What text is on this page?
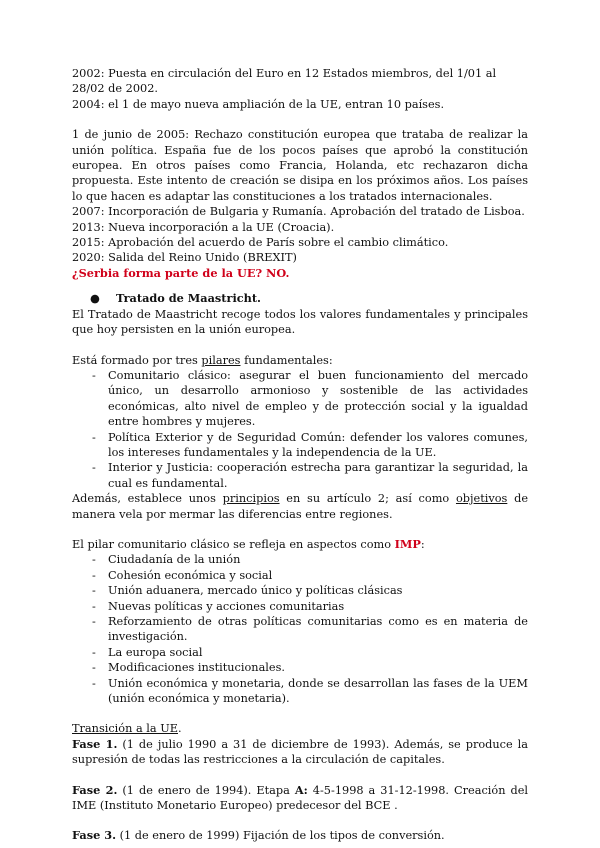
2002: Puesta en circulación del Euro en 12 Estados miembros, del 1/01 al 28/02 de 2002.

2004: el 1 de mayo nueva ampliación de la UE, entran 10 países.

1 de junio de 2005: Rechazo constitución europea que trataba de realizar la unión política. España fue de los pocos países que aprobó la constitución europea. En otros países como Francia, Holanda, etc rechazaron dicha propuesta. Este intento de creación se disipa en los próximos años. Los países lo que hacen es adaptar las constituciones a los tratados internacionales.

2007: Incorporación de Bulgaria y Rumanía. Aprobación del tratado de Lisboa.

2013: Nueva incorporación a la UE (Croacia).

2015: Aprobación del acuerdo de París sobre el cambio climático.

2020: Salida del Reino Unido (BREXIT)

¿Serbia forma parte de la UE? NO.

● Tratado de Maastricht.

El Tratado de Maastricht recoge todos los valores fundamentales y principales que hoy persisten en la unión europea.

Está formado por tres pilares fundamentales:

- Comunitario clásico: asegurar el buen funcionamiento del mercado único, un desarrollo armonioso y sostenible de las actividades económicas, alto nivel de empleo y de protección social y la igualdad entre hombres y mujeres.
- Política Exterior y de Seguridad Común: defender los valores comunes, los intereses fundamentales y la independencia de la UE.
- Interior y Justicia: cooperación estrecha para garantizar la seguridad, la cual es fundamental.

Además, establece unos principios en su artículo 2; así como objetivos de manera vela por mermar las diferencias entre regiones.

El pilar comunitario clásico se refleja en aspectos como IMP:

- Ciudadanía de la unión
- Cohesión económica y social
- Unión aduanera, mercado único y políticas clásicas
- Nuevas políticas y acciones comunitarias
- Reforzamiento de otras políticas comunitarias como es en materia de investigación.
- La europa social
- Modificaciones institucionales.
- Unión económica y monetaria, donde se desarrollan las fases de la UEM (unión económica y monetaria).

Transición a la UE.

Fase 1. (1 de julio 1990 a 31 de diciembre de 1993). Además, se produce la supresión de todas las restricciones a la circulación de capitales.

Fase 2. (1 de enero de 1994). Etapa A: 4-5-1998 a 31-12-1998. Creación del IME (Instituto Monetario Europeo) predecesor del BCE .

Fase 3. (1 de enero de 1999) Fijación de los tipos de conversión.
